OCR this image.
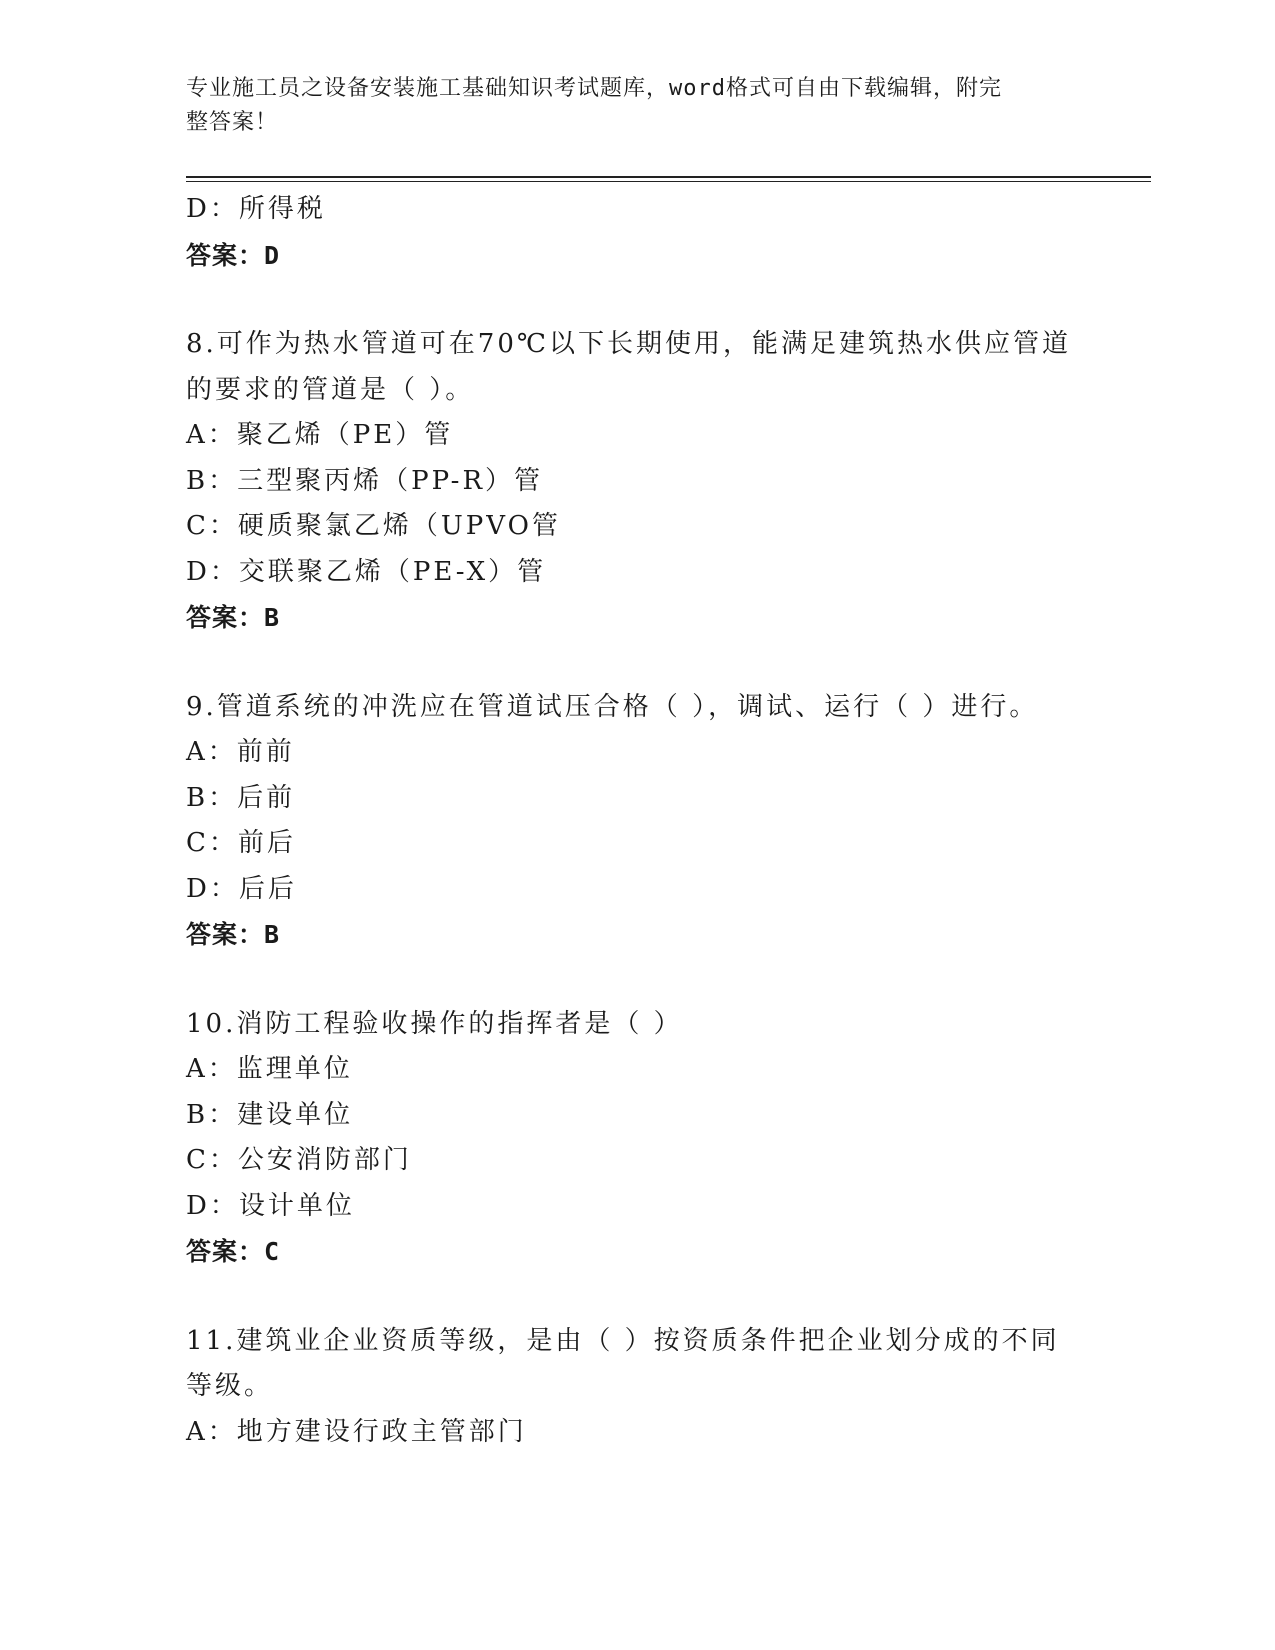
专业施工员之设备安装施工基础知识考试题库，word格式可自由下载编辑，附完
整答案！
D：所得税
答案：D
8.可作为热水管道可在70℃以下长期使用，能满足建筑热水供应管道
的要求的管道是（ ）。
A：聚乙烯（PE）管
B：三型聚丙烯（PP-R）管
C：硬质聚氯乙烯（UPVO管
D：交联聚乙烯（PE-X）管
答案：B
9.管道系统的冲洗应在管道试压合格（ ），调试、运行（ ）进行。
A：前前
B：后前
C：前后
D：后后
答案：B
10.消防工程验收操作的指挥者是（ ）
A：监理单位
B：建设单位
C：公安消防部门
D：设计单位
答案：C
11.建筑业企业资质等级，是由（ ）按资质条件把企业划分成的不同
等级。
A：地方建设行政主管部门
